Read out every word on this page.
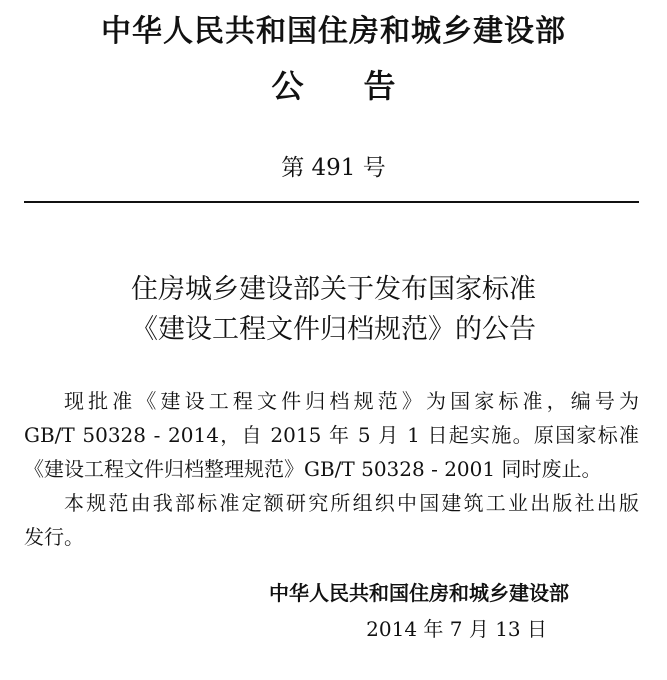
中华人民共和国住房和城乡建设部
公告
第 491 号
住房城乡建设部关于发布国家标准
《建设工程文件归档规范》的公告

现批准《建设工程文件归档规范》为国家标准，编号为

GB/T 50328 - 2014，自 2015 年 5 月 1 日起实施。原国家标准
《建设工程文件归档整理规范》GB/T 50328 - 2001 同时废止。

本规范由我部标准定额研究所组织中国建筑工业出版社出版

发行。

中华人民共和国住房和城乡建设部
2014 年 7 月 13 日
